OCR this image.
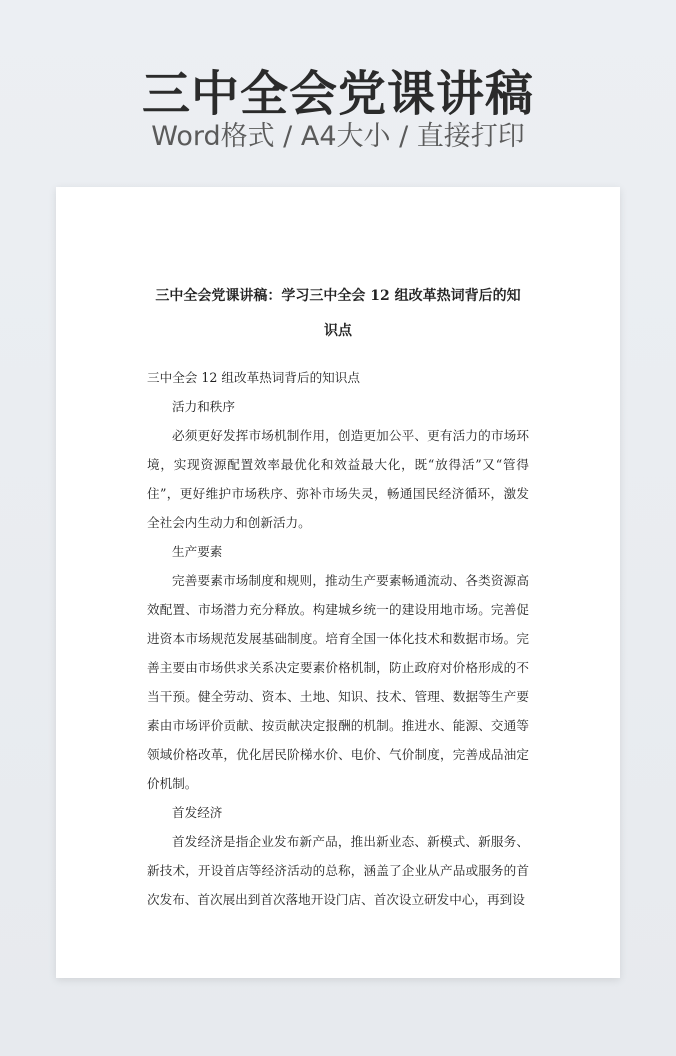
三中全会党课讲稿
Word格式 / A4大小 / 直接打印
三中全会党课讲稿：学习三中全会 12 组改革热词背后的知
识点

三中全会 12 组改革热词背后的知识点

活力和秩序

必须更好发挥市场机制作用，创造更加公平、更有活力的市场环境，实现资源配置效率最优化和效益最大化，既“放得活”又“管得住”，更好维护市场秩序、弥补市场失灵，畅通国民经济循环，激发全社会内生动力和创新活力。

生产要素

完善要素市场制度和规则，推动生产要素畅通流动、各类资源高效配置、市场潜力充分释放。构建城乡统一的建设用地市场。完善促进资本市场规范发展基础制度。培育全国一体化技术和数据市场。完善主要由市场供求关系决定要素价格机制，防止政府对价格形成的不当干预。健全劳动、资本、土地、知识、技术、管理、数据等生产要素由市场评价贡献、按贡献决定报酬的机制。推进水、能源、交通等领域价格改革，优化居民阶梯水价、电价、气价制度，完善成品油定价机制。

首发经济

首发经济是指企业发布新产品，推出新业态、新模式、新服务、新技术，开设首店等经济活动的总称，涵盖了企业从产品或服务的首次发布、首次展出到首次落地开设门店、首次设立研发中心，再到设
